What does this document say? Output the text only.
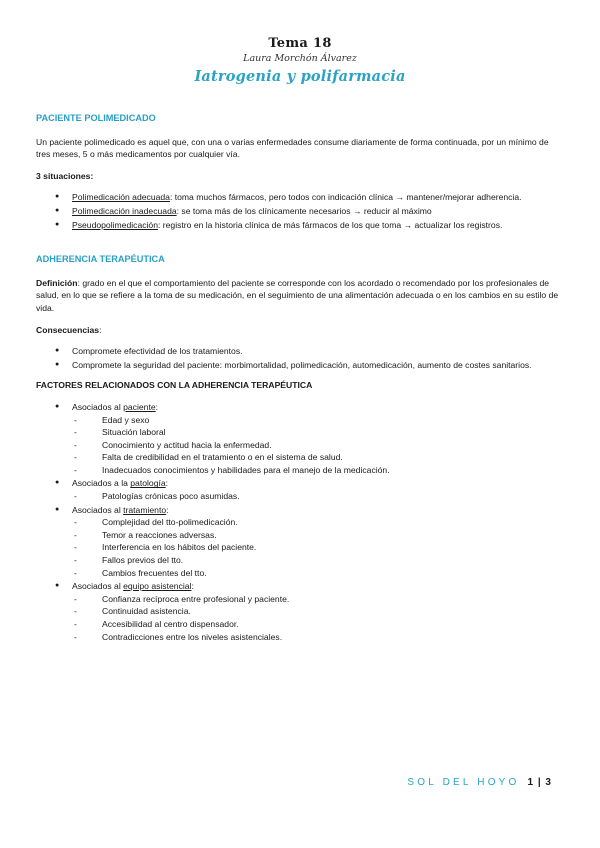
Tema 18
Laura Morchón Álvarez
Iatrogenia y polifarmacia
PACIENTE POLIMEDICADO

Un paciente polimedicado es aquel que, con una o varias enfermedades consume diariamente de forma continuada, por un mínimo de tres meses, 5 o más medicamentos por cualquier vía.

3 situaciones:

● Polimedicación adecuada: toma muchos fármacos, pero todos con indicación clínica → mantener/mejorar adherencia.
● Polimedicación inadecuada: se toma más de los clínicamente necesarios → reducir al máximo
● Pseudopolimedicación: registro en la historia clínica de más fármacos de los que toma → actualizar los registros.
ADHERENCIA TERAPÉUTICA

Definición: grado en el que el comportamiento del paciente se corresponde con los acordado o recomendado por los profesionales de salud, en lo que se refiere a la toma de su medicación, en el seguimiento de una alimentación adecuada o en los cambios en su estilo de vida.

Consecuencias:

● Compromete efectividad de los tratamientos.
● Compromete la seguridad del paciente: morbimortalidad, polimedicación, automedicación, aumento de costes sanitarios.

FACTORES RELACIONADOS CON LA ADHERENCIA TERAPÉUTICA

● Asociados al paciente:
- Edad y sexo
- Situación laboral
- Conocimiento y actitud hacia la enfermedad.
- Falta de credibilidad en el tratamiento o en el sistema de salud.
- Inadecuados conocimientos y habilidades para el manejo de la medicación.
● Asociados a la patología:
- Patologías crónicas poco asumidas.
● Asociados al tratamiento:
- Complejidad del tto-polimedicación.
- Temor a reacciones adversas.
- Interferencia en los hábitos del paciente.
- Fallos previos del tto.
- Cambios frecuentes del tto.
● Asociados al equipo asistencial:
- Confianza recíproca entre profesional y paciente.
- Continuidad asistencia.
- Accesibilidad al centro dispensador.
- Contradicciones entre los niveles asistenciales.
SOL DEL HOYO 1 | 3
